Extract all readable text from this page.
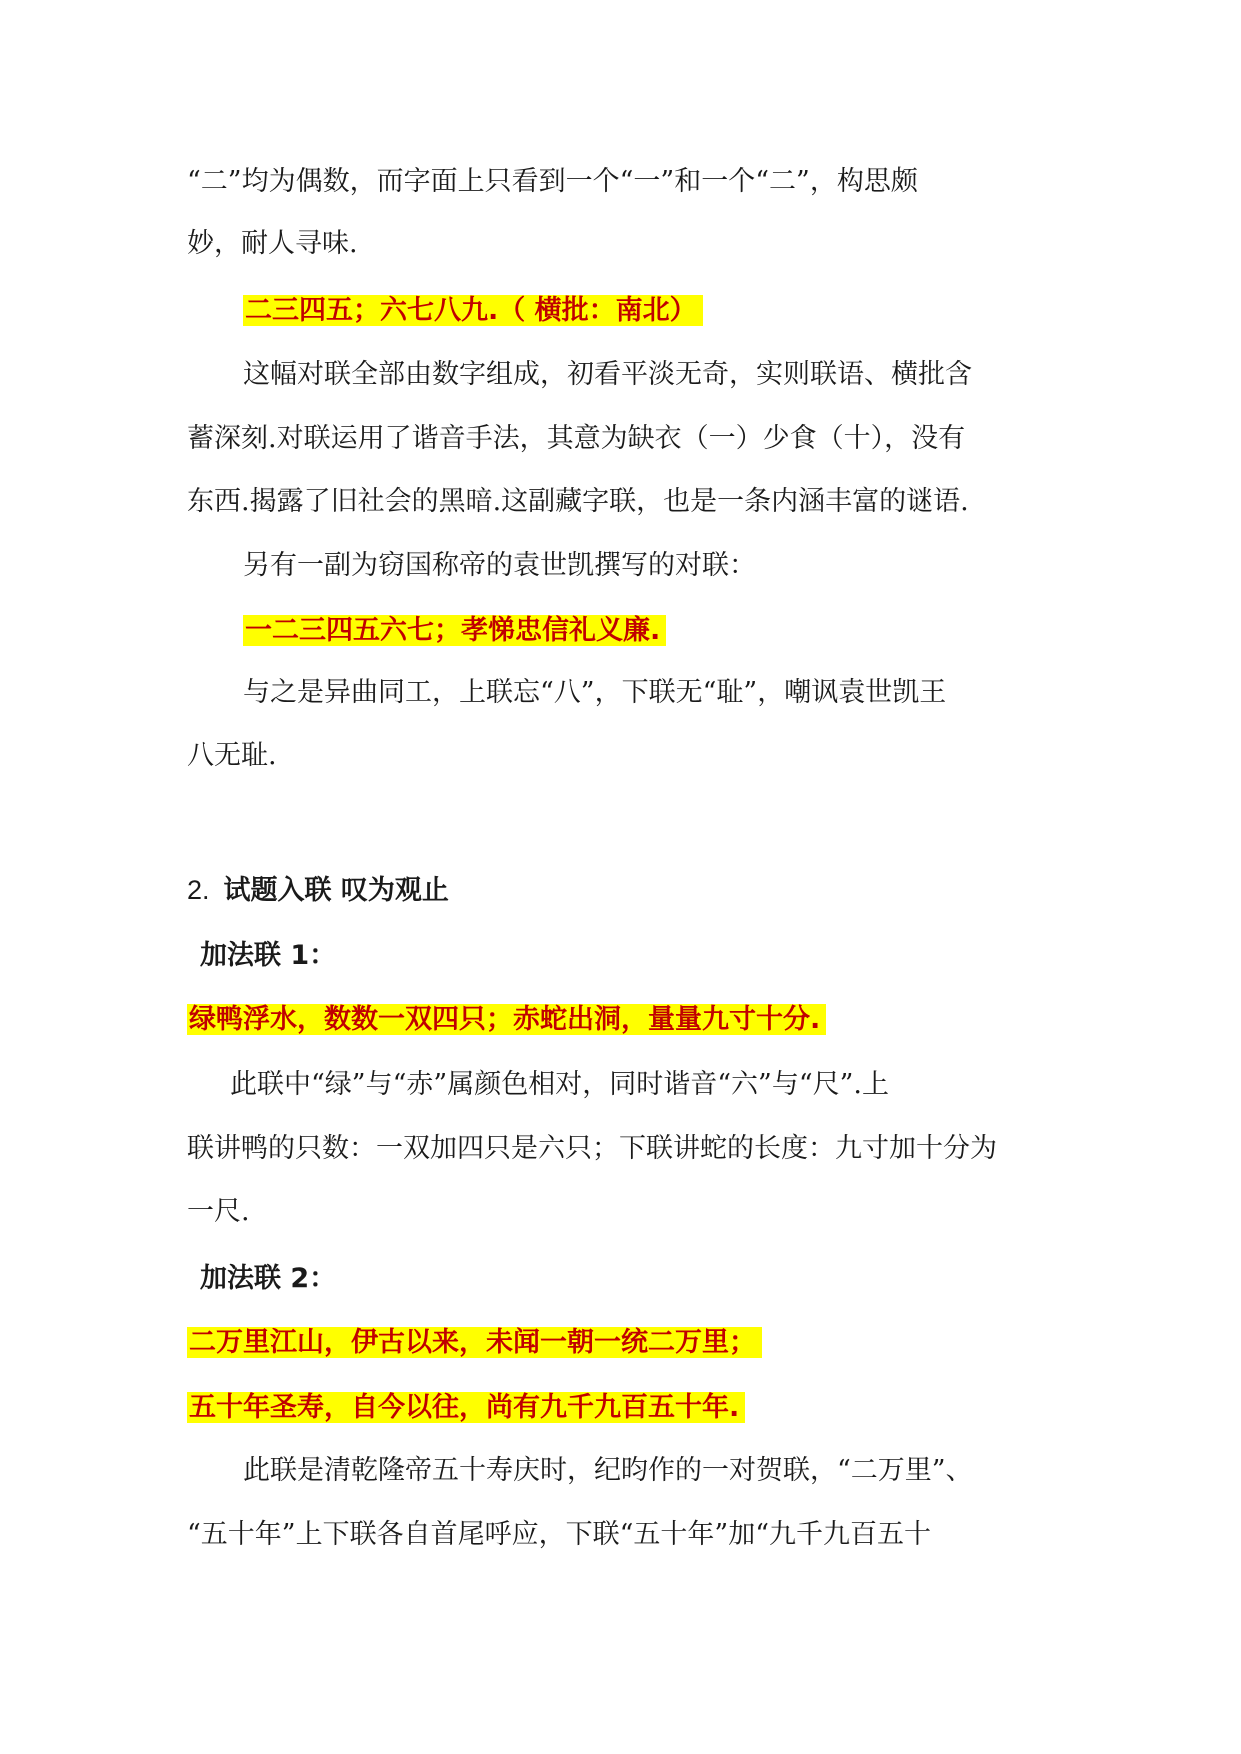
“二”均为偶数，而字面上只看到一个“一”和一个“二”，构思颇
妙，耐人寻味.
二三四五；六七八九.（ 横批：南北）
这幅对联全部由数字组成，初看平淡无奇，实则联语、横批含
蓄深刻.对联运用了谐音手法，其意为缺衣（一）少食（十），没有
东西.揭露了旧社会的黑暗.这副藏字联，也是一条内涵丰富的谜语.
另有一副为窃国称帝的袁世凯撰写的对联：
一二三四五六七；孝悌忠信礼义廉.
与之是异曲同工，上联忘“八”，下联无“耻”，嘲讽袁世凯王
八无耻.
2. 试题入联 叹为观止
加法联 1：
绿鸭浮水，数数一双四只；赤蛇出洞，量量九寸十分.
此联中“绿”与“赤”属颜色相对，同时谐音“六”与“尺”.上
联讲鸭的只数：一双加四只是六只；下联讲蛇的长度：九寸加十分为
一尺.
加法联 2：
二万里江山，伊古以来，未闻一朝一统二万里；
五十年圣寿，自今以往，尚有九千九百五十年.
此联是清乾隆帝五十寿庆时，纪昀作的一对贺联，“二万里”、
“五十年”上下联各自首尾呼应，下联“五十年”加“九千九百五十
